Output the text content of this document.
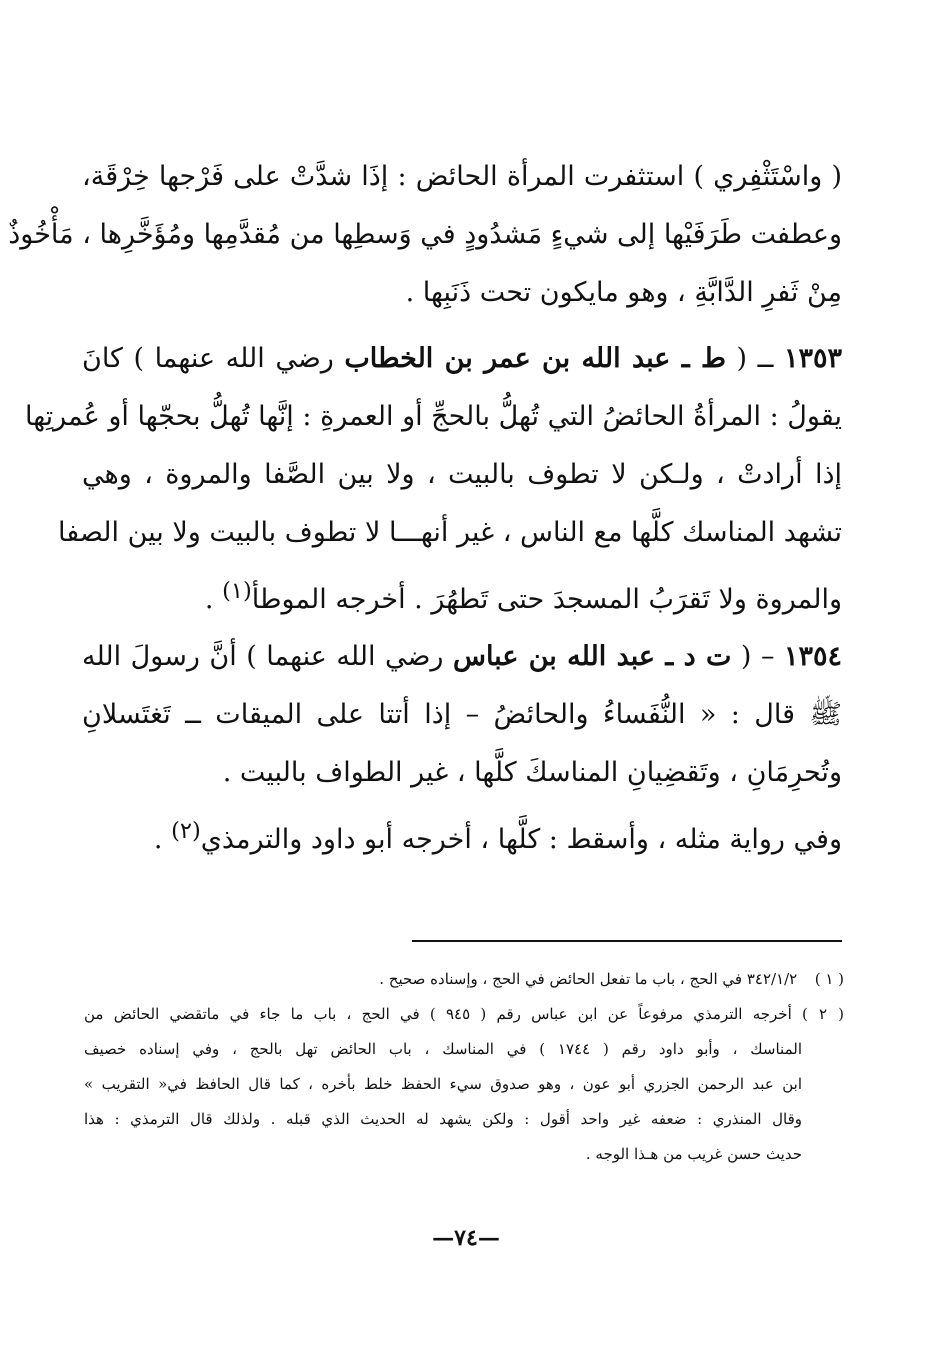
( واسْتَثْفِري ) استثفرت المرأة الحائض : إذَا شدَّتْ على فَرْجها خِرْقَة،
وعطفت طَرَفَيْها إلى شيءٍ مَشدُودٍ في وَسطِها من مُقدَّمِها ومُؤَخَّرِها ، مَأْخُوذٌ
مِنْ ثَفرِ الدَّابَّةِ ، وهو مايكون تحت ذَنَبِها .
١٣٥٣ ــ ( ط ـ عبد الله بن عمر بن الخطاب رضي الله عنهما ) كانَ
يقولُ : المرأةُ الحائضُ التي تُهلُّ بالحجِّ أو العمرةِ : إنَّها تُهلُّ بحجّها أو عُمرتِها
إذا أرادتْ ، ولـكن لا تطوف بالبيت ، ولا بين الصَّفا والمروة ، وهي
تشهد المناسك كلَّها مع الناس ، غير أنهـــا لا تطوف بالبيت ولا بين الصفا
والمروة ولا تَقرَبُ المسجدَ حتى تَطهُرَ . أخرجه الموطأ$^{(١)}$ .
١٣٥٤ – ( ت د ـ عبد الله بن عباس رضي الله عنهما ) أنَّ رسولَ الله
ﷺ قال : « النُّفَساءُ والحائضُ – إذا أتتا على الميقات ــ تَغتَسلانِ
وتُحرِمَانِ ، وتَقضِيانِ المناسكَ كلَّها ، غير الطواف بالبيت .
وفي رواية مثله ، وأسقط : كلَّها ، أخرجه أبو داود والترمذي$^{(٢)}$ .
( ١ ) ٣٤٢/١/٢ في الحج ، باب ما تفعل الحائض في الحج ، وإسناده صحيح .
( ٢ ) أخرجه الترمذي مرفوعاً عن ابن عباس رقم ( ٩٤٥ ) في الحج ، باب ما جاء في ماتقضي الحائض من
المناسك ، وأبو داود رقم ( ١٧٤٤ ) في المناسك ، باب الحائض تهل بالحج ، وفي إسناده خصيف
ابن عبد الرحمن الجزري أبو عون ، وهو صدوق سيء الحفظ خلط بأخره ، كما قال الحافظ في« التقريب »
وقال المنذري : ضعفه غير واحد أقول : ولكن يشهد له الحديث الذي قبله . ولذلك قال الترمذي : هذا
حديث حسن غريب من هـذا الوجه .
—٧٤—
